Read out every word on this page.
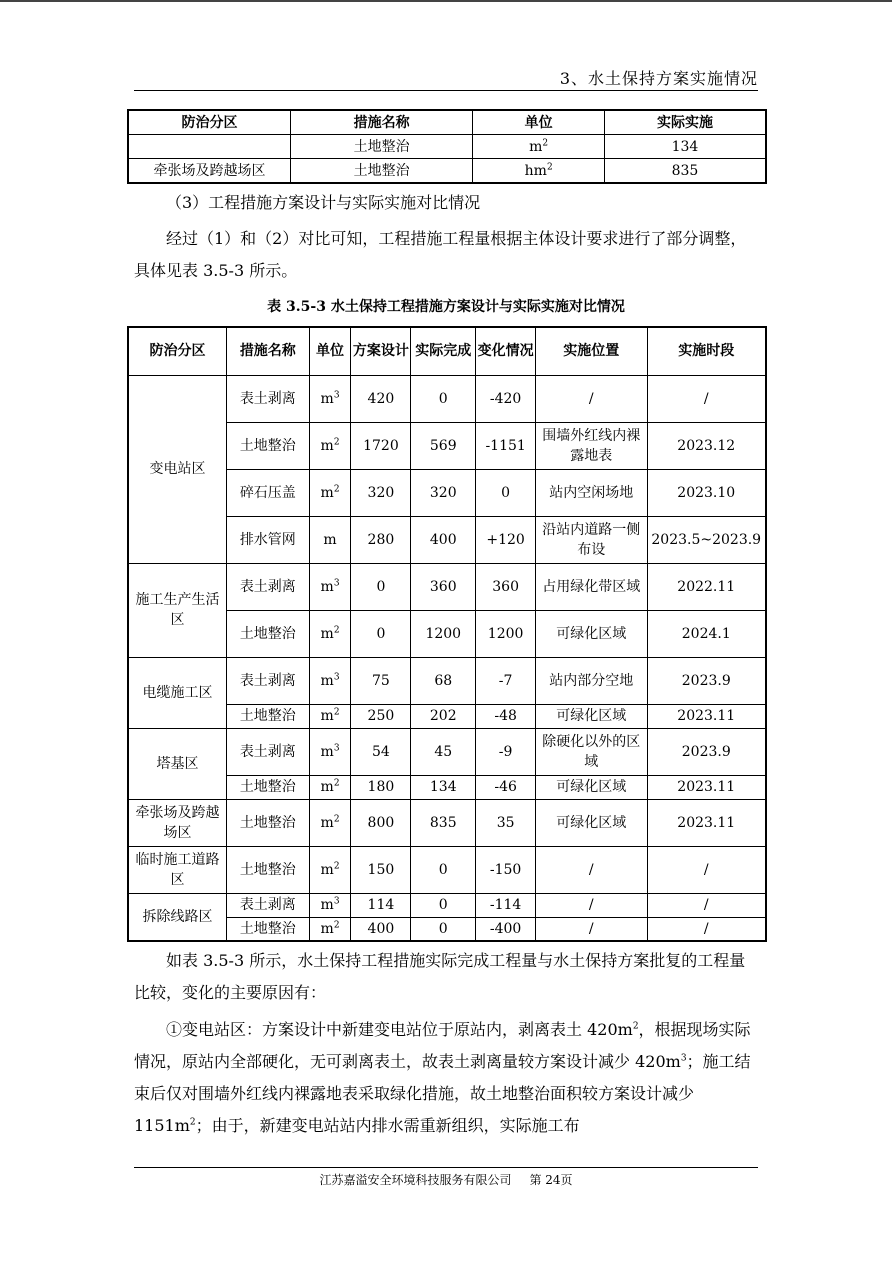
3、水土保持方案实施情况
防治分区	措施名称	单位	实际实施
	土地整治	$m^2$	134
牵张场及跨越场区	土地整治	$hm^2$	835
（3）工程措施方案设计与实际实施对比情况
经过（1）和（2）对比可知，工程措施工程量根据主体设计要求进行了部分调整，具体见表 3.5-3 所示。
表 3.5-3 水土保持工程措施方案设计与实际实施对比情况
防治分区	措施名称	单位	方案设计	实际完成	变化情况	实施位置	实施时段
变电站区	表土剥离	$m^3$	420	0	-420	/	/
	土地整治	$m^2$	1720	569	-1151	围墙外红线内裸露地表	2023.12
	碎石压盖	$m^2$	320	320	0	站内空闲场地	2023.10
	排水管网	m	280	400	+120	沿站内道路一侧布设	2023.5~2023.9
施工生产生活区	表土剥离	$m^3$	0	360	360	占用绿化带区域	2022.11
	土地整治	$m^2$	0	1200	1200	可绿化区域	2024.1
电缆施工区	表土剥离	$m^3$	75	68	-7	站内部分空地	2023.9
	土地整治	$m^2$	250	202	-48	可绿化区域	2023.11
塔基区	表土剥离	$m^3$	54	45	-9	除硬化以外的区域	2023.9
	土地整治	$m^2$	180	134	-46	可绿化区域	2023.11
牵张场及跨越场区	土地整治	$m^2$	800	835	35	可绿化区域	2023.11
临时施工道路区	土地整治	$m^2$	150	0	-150	/	/
拆除线路区	表土剥离	$m^3$	114	0	-114	/	/
	土地整治	$m^2$	400	0	-400	/	/
如表 3.5-3 所示，水土保持工程措施实际完成工程量与水土保持方案批复的工程量比较，变化的主要原因有：
①变电站区：方案设计中新建变电站位于原站内，剥离表土 $420m^2$，根据现场实际情况，原站内全部硬化，无可剥离表土，故表土剥离量较方案设计减少 $420m^3$；施工结束后仅对围墙外红线内裸露地表采取绿化措施，故土地整治面积较方案设计减少 $1151m^2$；由于，新建变电站站内排水需重新组织，实际施工布
江苏嘉溢安全环境科技服务有限公司 第 24页
